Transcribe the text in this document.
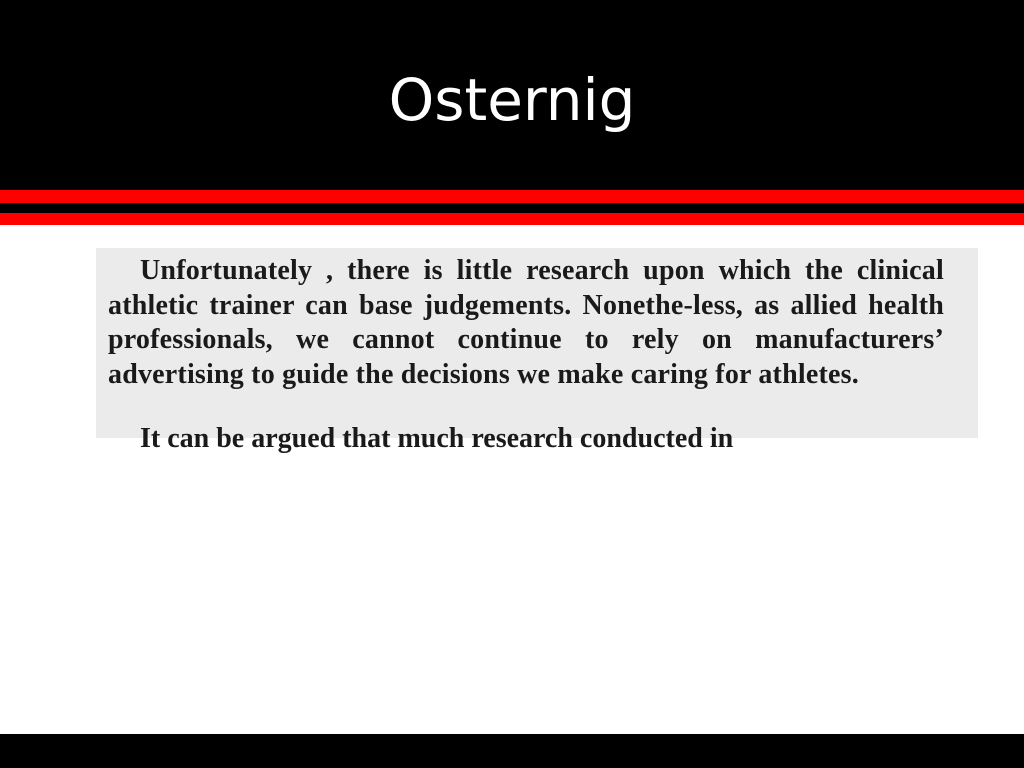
Osternig

Unfortunately , there is little research upon which the clinical athletic trainer can base judgements. Nonethe-less, as allied health professionals, we cannot continue to rely on manufacturers’ advertising to guide the decisions we make caring for athletes.

It can be argued that much research conducted in
